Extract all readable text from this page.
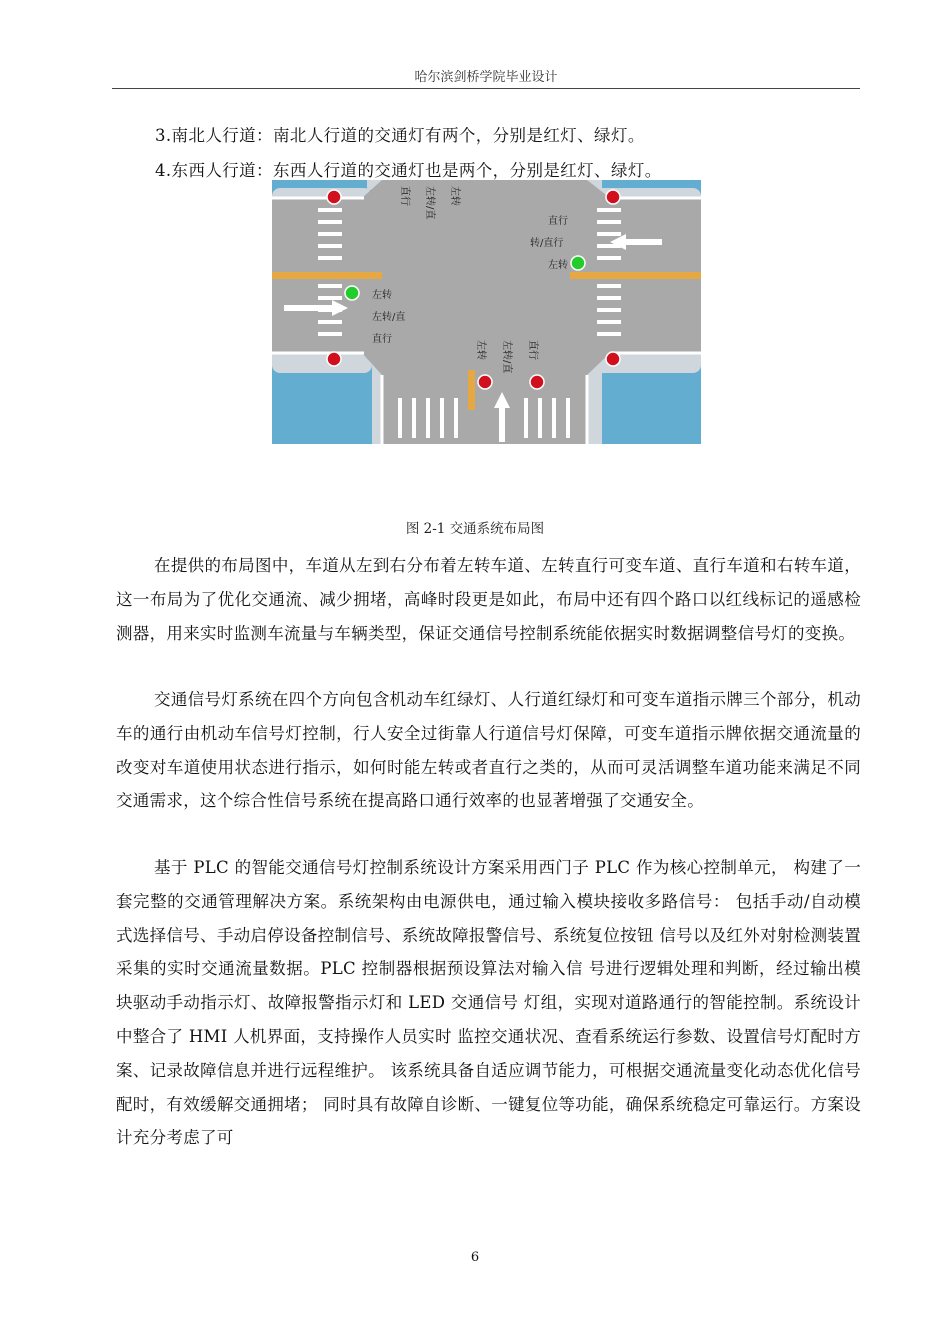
哈尔滨剑桥学院毕业设计
3.南北人行道：南北人行道的交通灯有两个，分别是红灯、绿灯。
4.东西人行道：东西人行道的交通灯也是两个，分别是红灯、绿灯。
直行 左转/直 左转
直行
转/直行
左转
左转
左转/直
直行
左转 左转/直 直行
图 2-1 交通系统布局图

在提供的布局图中，车道从左到右分布着左转车道、左转直行可变车道、直行车道和右转车道，这一布局为了优化交通流、减少拥堵，高峰时段更是如此，布局中还有四个路口以红线标记的遥感检测器，用来实时监测车流量与车辆类型，保证交通信号控制系统能依据实时数据调整信号灯的变换。

交通信号灯系统在四个方向包含机动车红绿灯、人行道红绿灯和可变车道指示牌三个部分，机动车的通行由机动车信号灯控制，行人安全过街靠人行道信号灯保障，可变车道指示牌依据交通流量的改变对车道使用状态进行指示，如何时能左转或者直行之类的，从而可灵活调整车道功能来满足不同交通需求，这个综合性信号系统在提高路口通行效率的也显著增强了交通安全。

基于 PLC 的智能交通信号灯控制系统设计方案采用西门子 PLC 作为核心控制单元， 构建了一套完整的交通管理解决方案。系统架构由电源供电，通过输入模块接收多路信号： 包括手动/自动模式选择信号、手动启停设备控制信号、系统故障报警信号、系统复位按钮 信号以及红外对射检测装置采集的实时交通流量数据。PLC 控制器根据预设算法对输入信 号进行逻辑处理和判断，经过输出模块驱动手动指示灯、故障报警指示灯和 LED 交通信号 灯组，实现对道路通行的智能控制。系统设计中整合了 HMI 人机界面，支持操作人员实时 监控交通状况、查看系统运行参数、设置信号灯配时方案、记录故障信息并进行远程维护。 该系统具备自适应调节能力，可根据交通流量变化动态优化信号配时，有效缓解交通拥堵； 同时具有故障自诊断、一键复位等功能，确保系统稳定可靠运行。方案设计充分考虑了可

6
